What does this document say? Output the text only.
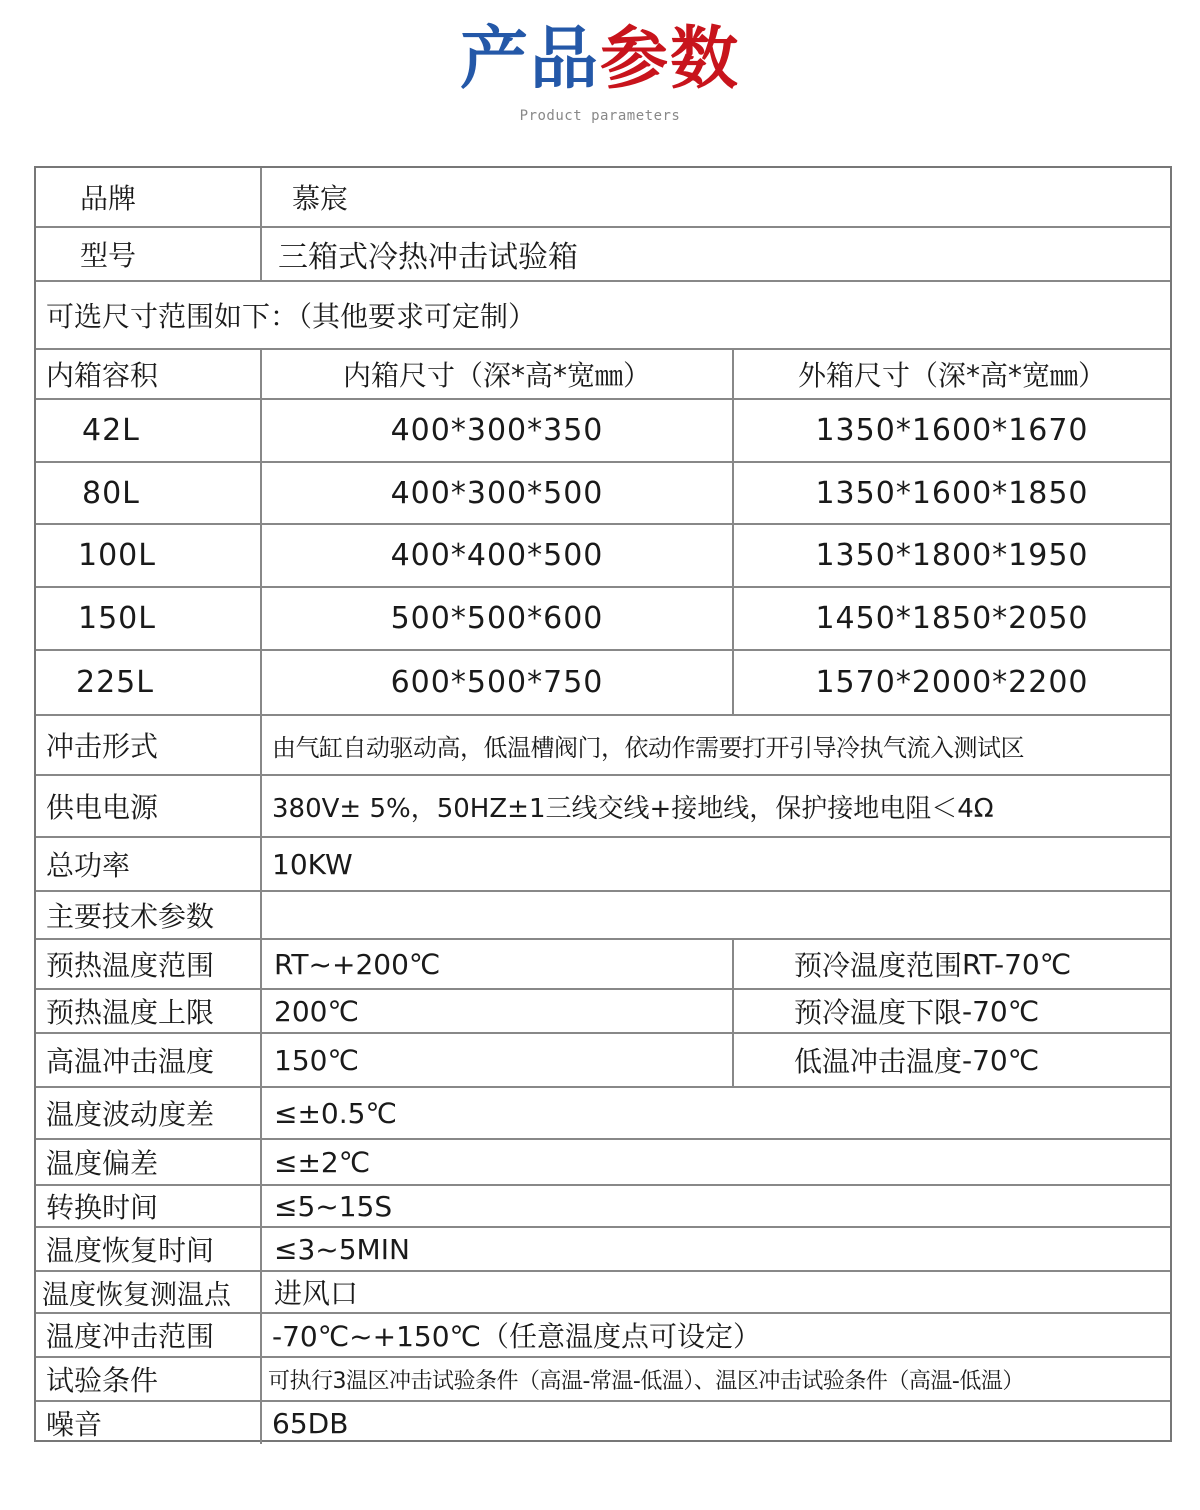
产品参数
Product parameters
品牌	慕宸
型号	三箱式冷热冲击试验箱
可选尺寸范围如下：（其他要求可定制）
内箱容积	内箱尺寸（深*高*宽㎜）	外箱尺寸（深*高*宽㎜）
42L	400*300*350	1350*1600*1670
80L	400*300*500	1350*1600*1850
100L	400*400*500	1350*1800*1950
150L	500*500*600	1450*1850*2050
225L	600*500*750	1570*2000*2200
冲击形式	由气缸自动驱动高，低温槽阀门，依动作需要打开引导冷执气流入测试区
供电电源	380V± 5%，50HZ±1三线交线+接地线，保护接地电阻＜4Ω
总功率	10KW
主要技术参数
预热温度范围	RT~+200℃	预冷温度范围 RT-70℃
预热温度上限	200℃	预冷温度下限 -70℃
高温冲击温度	150℃	低温冲击温度 -70℃
温度波动度差	≤±0.5℃
温度偏差	≤±2℃
转换时间	≤5~15S
温度恢复时间	≤3~5MIN
温度恢复测温点	进风口
温度冲击范围	-70℃~+150℃（任意温度点可设定）
试验条件	可执行3温区冲击试验条件（高温-常温-低温）、温区冲击试验条件（高温-低温）
噪音	65DB
